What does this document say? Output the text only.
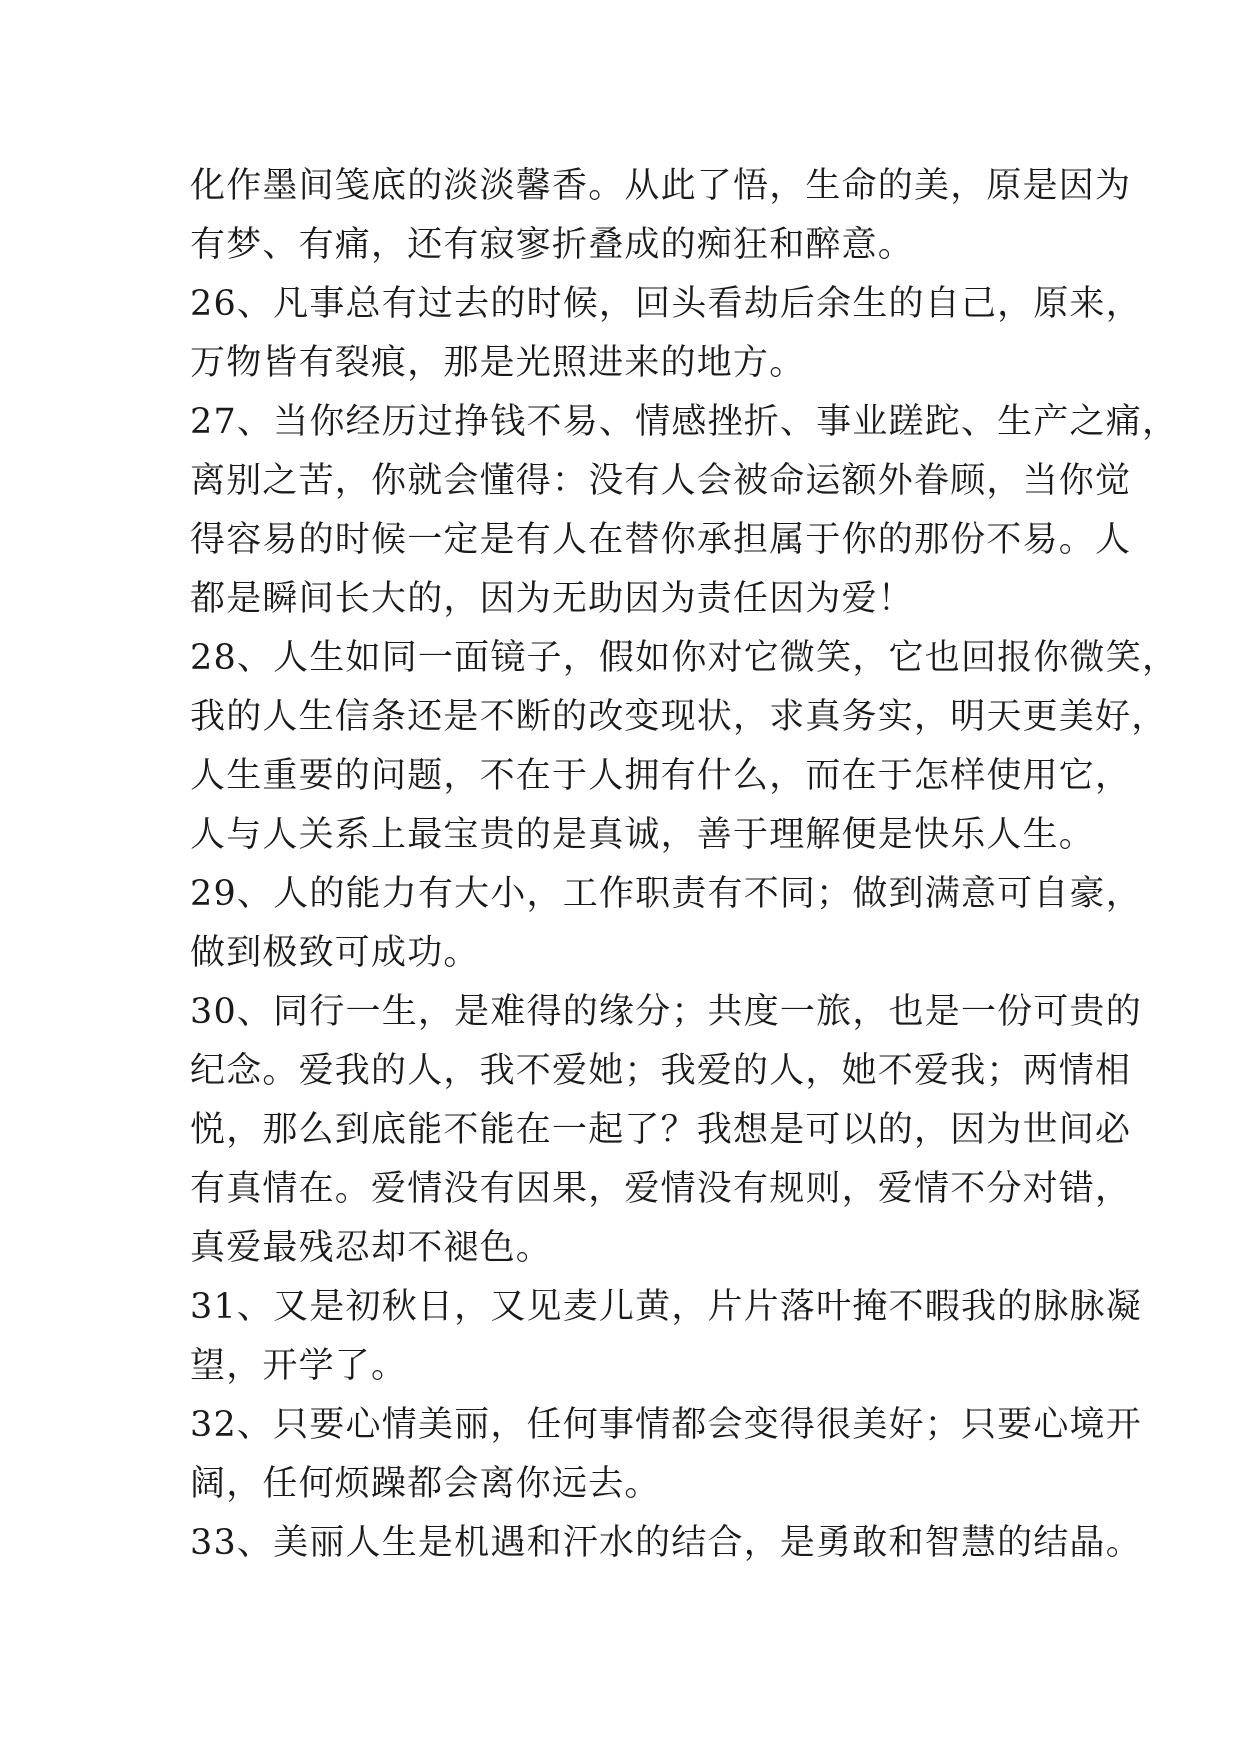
化作墨间笺底的淡淡馨香。从此了悟，生命的美，原是因为
有梦、有痛，还有寂寥折叠成的痴狂和醉意。
26、凡事总有过去的时候，回头看劫后余生的自己，原来，
万物皆有裂痕，那是光照进来的地方。
27、当你经历过挣钱不易、情感挫折、事业蹉跎、生产之痛，
离别之苦，你就会懂得：没有人会被命运额外眷顾，当你觉
得容易的时候一定是有人在替你承担属于你的那份不易。人
都是瞬间长大的，因为无助因为责任因为爱！
28、人生如同一面镜子，假如你对它微笑，它也回报你微笑，
我的人生信条还是不断的改变现状，求真务实，明天更美好，
人生重要的问题，不在于人拥有什么，而在于怎样使用它，
人与人关系上最宝贵的是真诚，善于理解便是快乐人生。
29、人的能力有大小，工作职责有不同；做到满意可自豪，
做到极致可成功。
30、同行一生，是难得的缘分；共度一旅，也是一份可贵的
纪念。爱我的人，我不爱她；我爱的人，她不爱我；两情相
悦，那么到底能不能在一起了？我想是可以的，因为世间必
有真情在。爱情没有因果，爱情没有规则，爱情不分对错，
真爱最残忍却不褪色。
31、又是初秋日，又见麦儿黄，片片落叶掩不暇我的脉脉凝
望，开学了。
32、只要心情美丽，任何事情都会变得很美好；只要心境开
阔，任何烦躁都会离你远去。
33、美丽人生是机遇和汗水的结合，是勇敢和智慧的结晶。
